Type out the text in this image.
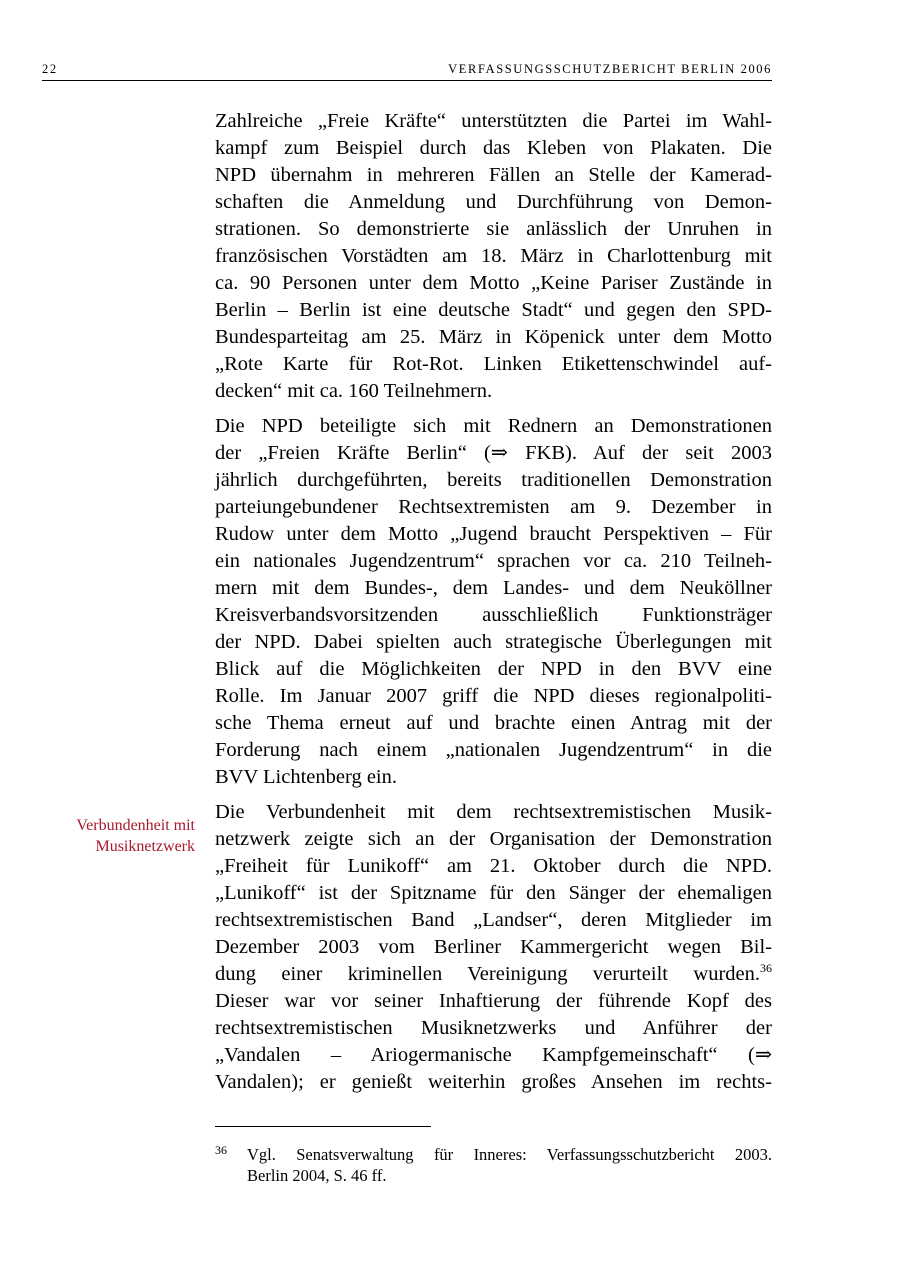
22	VERFASSUNGSSCHUTZBERICHT BERLIN 2006
Verbundenheit mit
Musiknetzwerk

Zahlreiche „Freie Kräfte“ unterstützten die Partei im Wahl-
kampf zum Beispiel durch das Kleben von Plakaten. Die
NPD übernahm in mehreren Fällen an Stelle der Kamerad-
schaften die Anmeldung und Durchführung von Demon-
strationen. So demonstrierte sie anlässlich der Unruhen in
französischen Vorstädten am 18. März in Charlottenburg mit
ca. 90 Personen unter dem Motto „Keine Pariser Zustände in
Berlin – Berlin ist eine deutsche Stadt“ und gegen den SPD-
Bundesparteitag am 25. März in Köpenick unter dem Motto
„Rote Karte für Rot-Rot. Linken Etikettenschwindel auf-
decken“ mit ca. 160 Teilnehmern.

Die NPD beteiligte sich mit Rednern an Demonstrationen
der „Freien Kräfte Berlin“ (⇒ FKB). Auf der seit 2003
jährlich durchgeführten, bereits traditionellen Demonstration
parteiungebundener Rechtsextremisten am 9. Dezember in
Rudow unter dem Motto „Jugend braucht Perspektiven – Für
ein nationales Jugendzentrum“ sprachen vor ca. 210 Teilneh-
mern mit dem Bundes-, dem Landes- und dem Neuköllner
Kreisverbandsvorsitzenden ausschließlich Funktionsträger
der NPD. Dabei spielten auch strategische Überlegungen mit
Blick auf die Möglichkeiten der NPD in den BVV eine
Rolle. Im Januar 2007 griff die NPD dieses regionalpoliti-
sche Thema erneut auf und brachte einen Antrag mit der
Forderung nach einem „nationalen Jugendzentrum“ in die
BVV Lichtenberg ein.

Die Verbundenheit mit dem rechtsextremistischen Musik-
netzwerk zeigte sich an der Organisation der Demonstration
„Freiheit für Lunikoff“ am 21. Oktober durch die NPD.
„Lunikoff“ ist der Spitzname für den Sänger der ehemaligen
rechtsextremistischen Band „Landser“, deren Mitglieder im
Dezember 2003 vom Berliner Kammergericht wegen Bil-
dung einer kriminellen Vereinigung verurteilt wurden.$^{36}$
Dieser war vor seiner Inhaftierung der führende Kopf des
rechtsextremistischen Musiknetzwerks und Anführer der
„Vandalen – Ariogermanische Kampfgemeinschaft“ (⇒
Vandalen); er genießt weiterhin großes Ansehen im rechts-

36 Vgl. Senatsverwaltung für Inneres: Verfassungsschutzbericht 2003.
Berlin 2004, S. 46 ff.
